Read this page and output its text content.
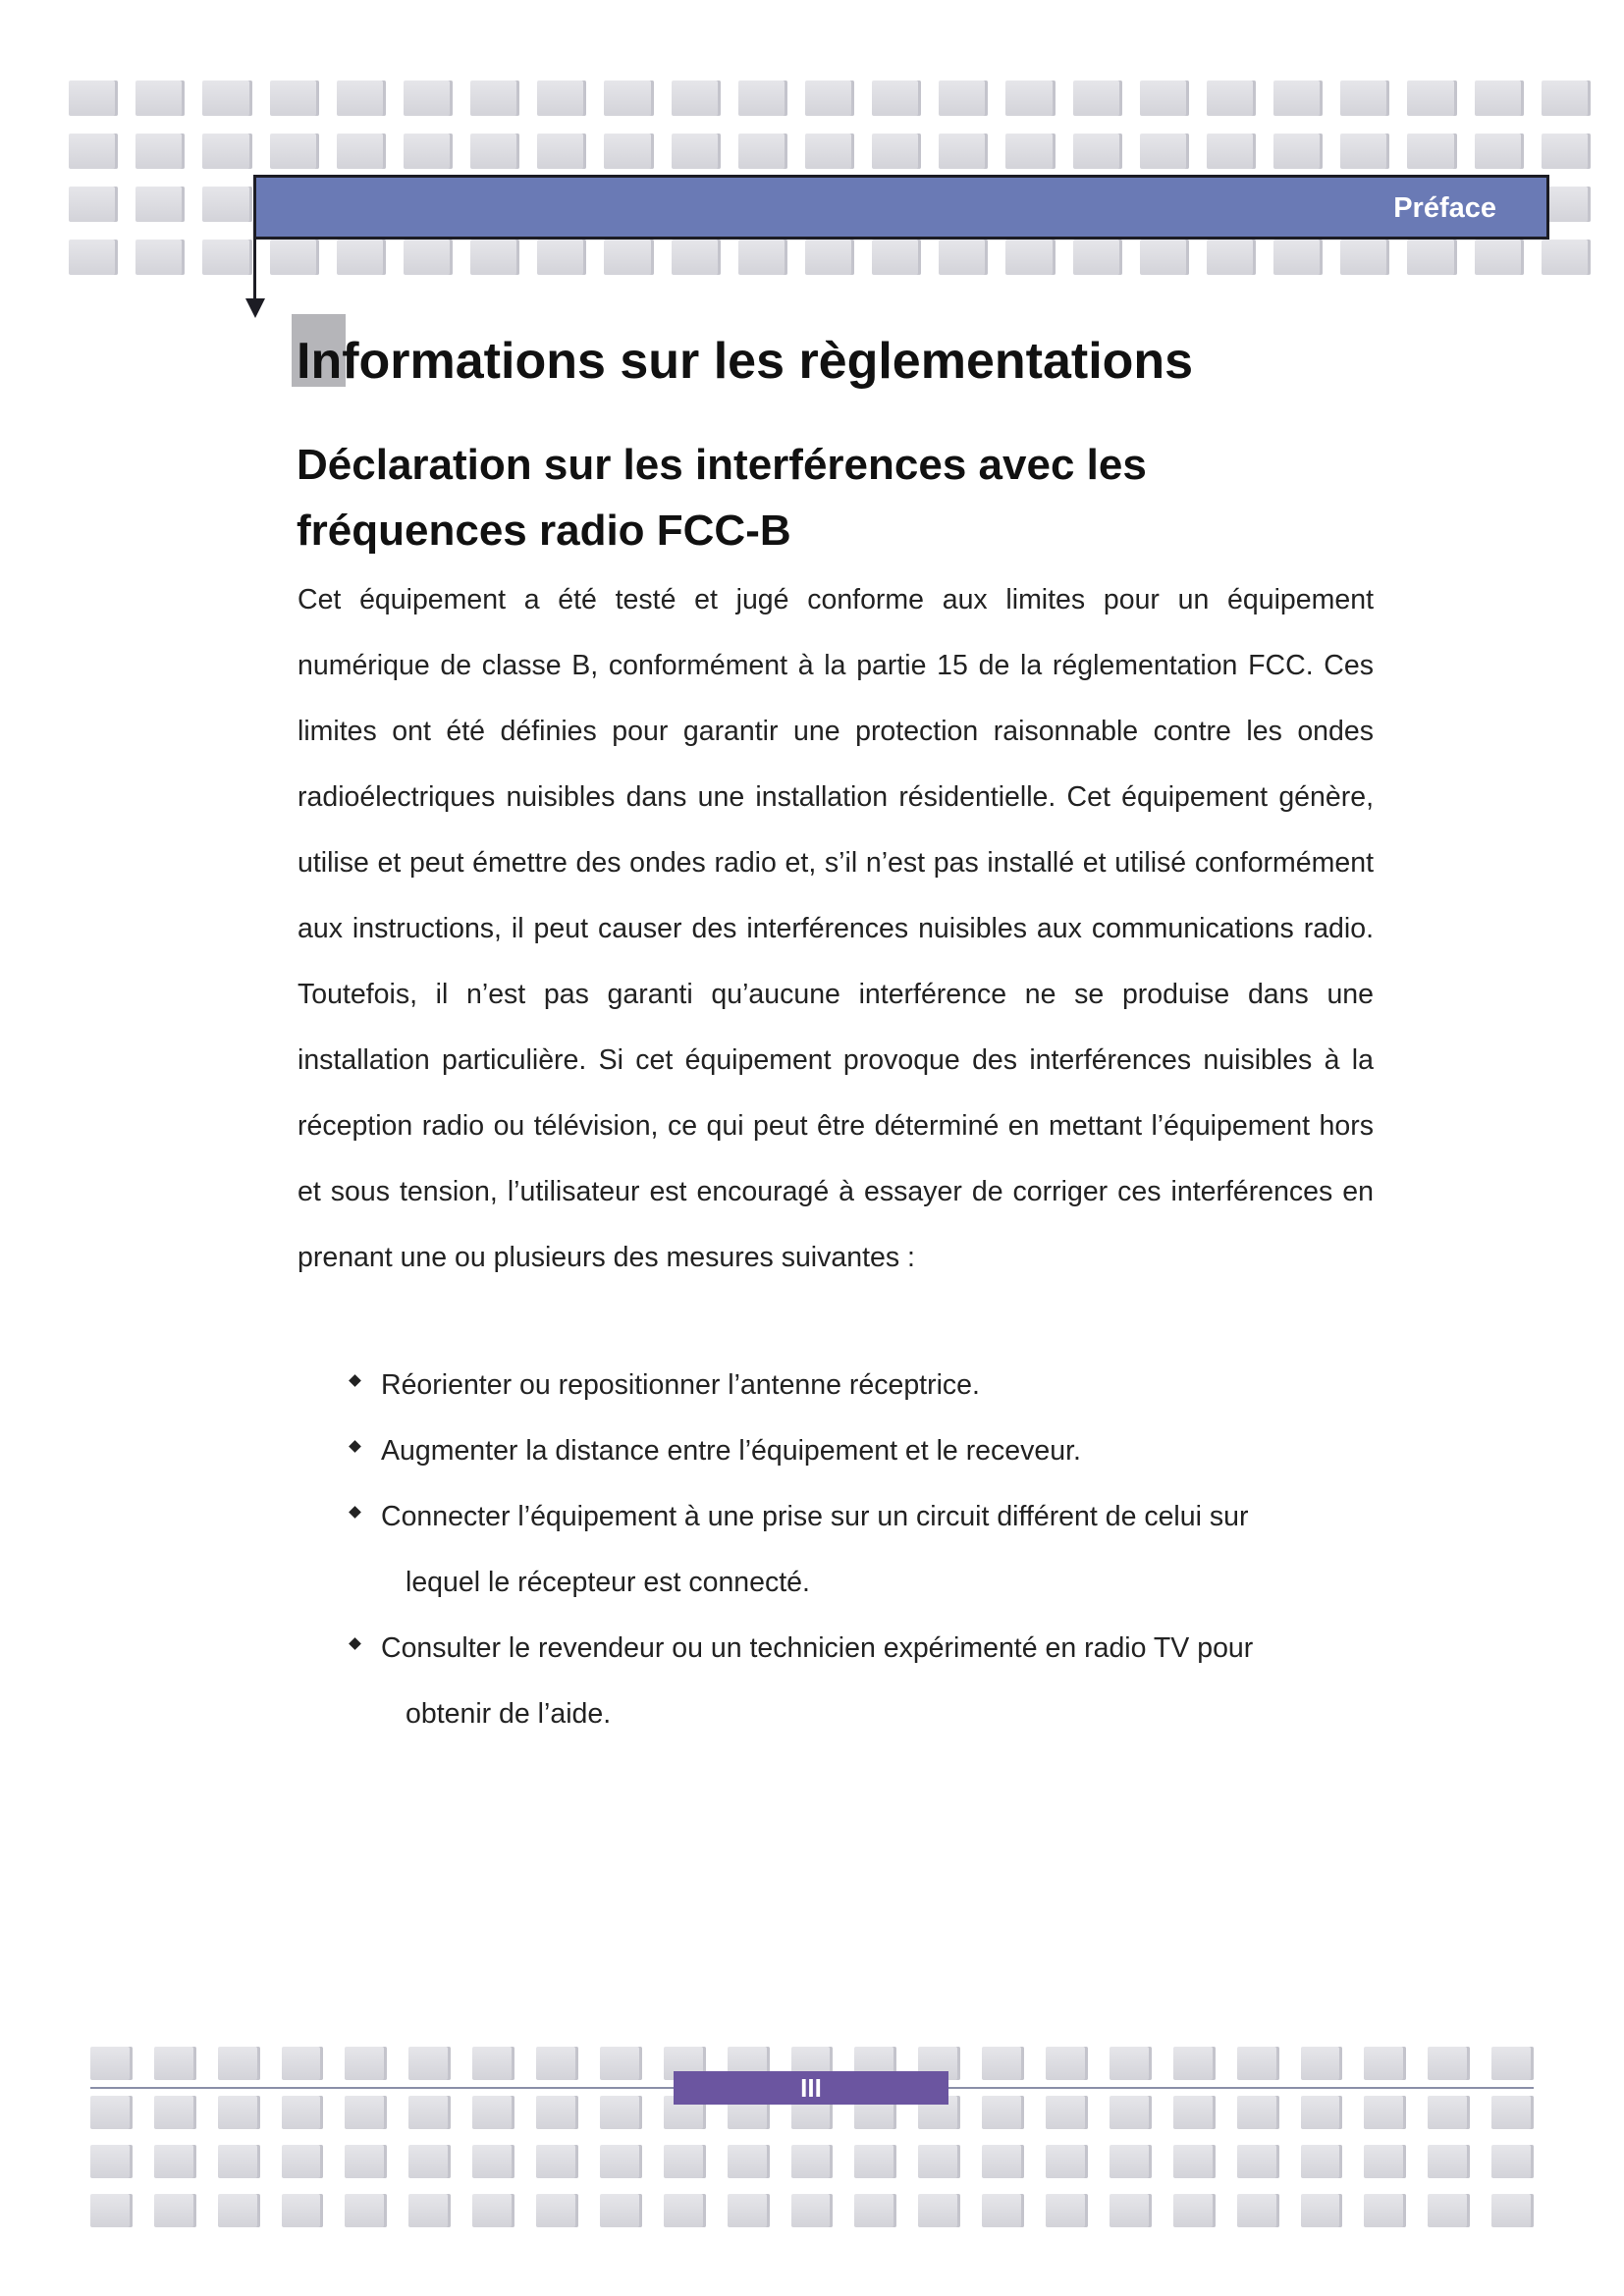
Préface
Informations sur les règlementations
Déclaration sur les interférences avec les fréquences radio FCC-B

Cet équipement a été testé et jugé conforme aux limites pour un équipement numérique de classe B, conformément à la partie 15 de la réglementation FCC. Ces limites ont été définies pour garantir une protection raisonnable contre les ondes radioélectriques nuisibles dans une installation résidentielle. Cet équipement génère, utilise et peut émettre des ondes radio et, s’il n’est pas installé et utilisé conformément aux instructions, il peut causer des interférences nuisibles aux communications radio. Toutefois, il n’est pas garanti qu’aucune interférence ne se produise dans une installation particulière. Si cet équipement provoque des interférences nuisibles à la réception radio ou télévision, ce qui peut être déterminé en mettant l’équipement hors et sous tension, l’utilisateur est encouragé à essayer de corriger ces interférences en prenant une ou plusieurs des mesures suivantes :

Réorienter ou repositionner l’antenne réceptrice.
Augmenter la distance entre l’équipement et le receveur.
Connecter l’équipement à une prise sur un circuit différent de celui sur
lequel le récepteur est connecté.
Consulter le revendeur ou un technicien expérimenté en radio TV pour
obtenir de l’aide.
III
